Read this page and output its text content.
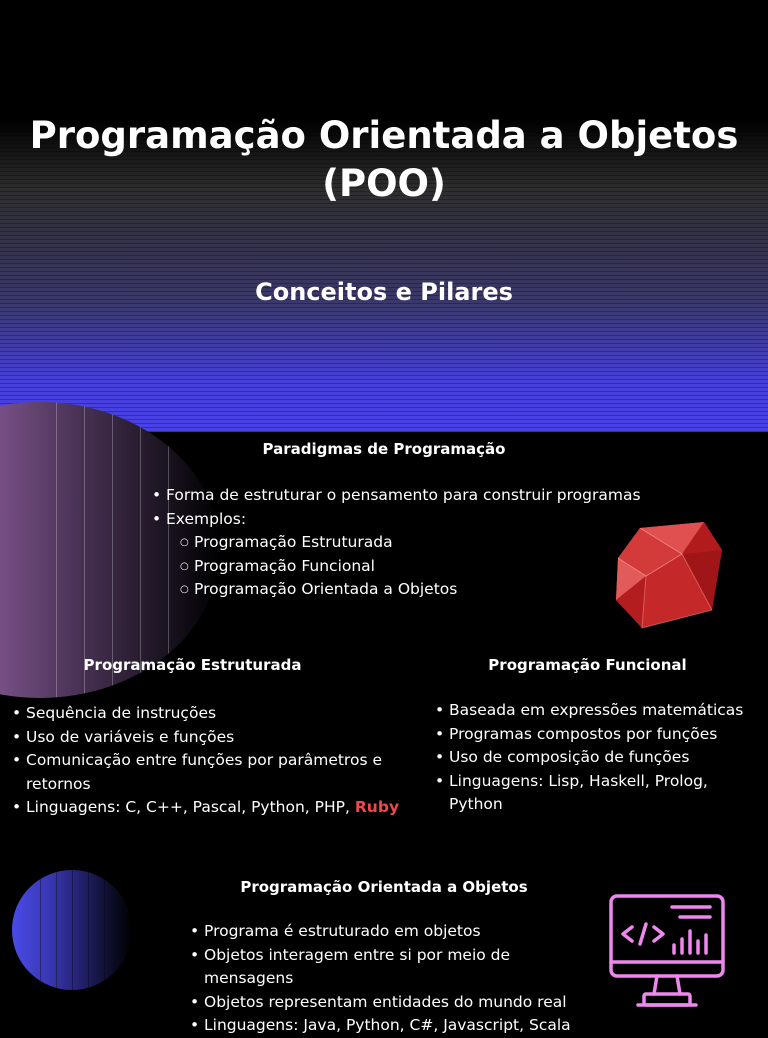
Programação Orientada a Objetos
(POO)
Conceitos e Pilares
Paradigmas de Programação
• Forma de estruturar o pensamento para construir programas
• Exemplos:
○ Programação Estruturada
○ Programação Funcional
○ Programação Orientada a Objetos
Programação Estruturada
• Sequência de instruções
• Uso de variáveis e funções
• Comunicação entre funções por parâmetros e retornos
• Linguagens: C, C++, Pascal, Python, PHP, Ruby
Programação Funcional
• Baseada em expressões matemáticas
• Programas compostos por funções
• Uso de composição de funções
• Linguagens: Lisp, Haskell, Prolog, Python
Programação Orientada a Objetos
• Programa é estruturado em objetos
• Objetos interagem entre si por meio de mensagens
• Objetos representam entidades do mundo real
• Linguagens: Java, Python, C#, Javascript, Scala
